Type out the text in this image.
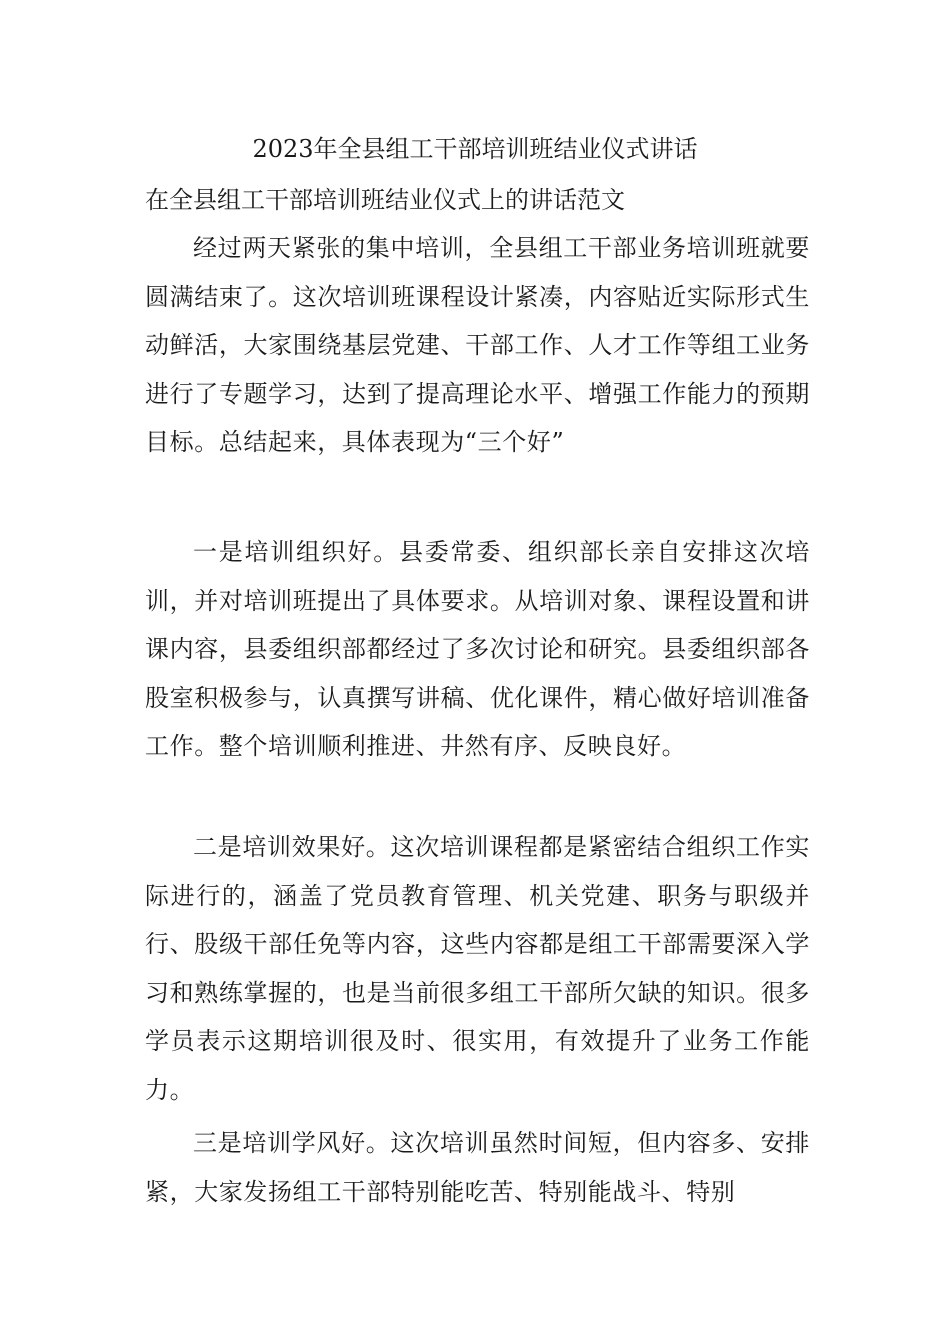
2023年全县组工干部培训班结业仪式讲话

在全县组工干部培训班结业仪式上的讲话范文

经过两天紧张的集中培训，全县组工干部业务培训班就要圆满结束了。这次培训班课程设计紧凑，内容贴近实际形式生动鲜活，大家围绕基层党建、干部工作、人才工作等组工业务进行了专题学习，达到了提高理论水平、增强工作能力的预期目标。总结起来，具体表现为“三个好”

一是培训组织好。县委常委、组织部长亲自安排这次培训，并对培训班提出了具体要求。从培训对象、课程设置和讲课内容，县委组织部都经过了多次讨论和研究。县委组织部各股室积极参与，认真撰写讲稿、优化课件，精心做好培训准备工作。整个培训顺利推进、井然有序、反映良好。

二是培训效果好。这次培训课程都是紧密结合组织工作实际进行的，涵盖了党员教育管理、机关党建、职务与职级并行、股级干部任免等内容，这些内容都是组工干部需要深入学习和熟练掌握的，也是当前很多组工干部所欠缺的知识。很多学员表示这期培训很及时、很实用，有效提升了业务工作能力。

三是培训学风好。这次培训虽然时间短，但内容多、安排紧，大家发扬组工干部特别能吃苦、特别能战斗、特别
